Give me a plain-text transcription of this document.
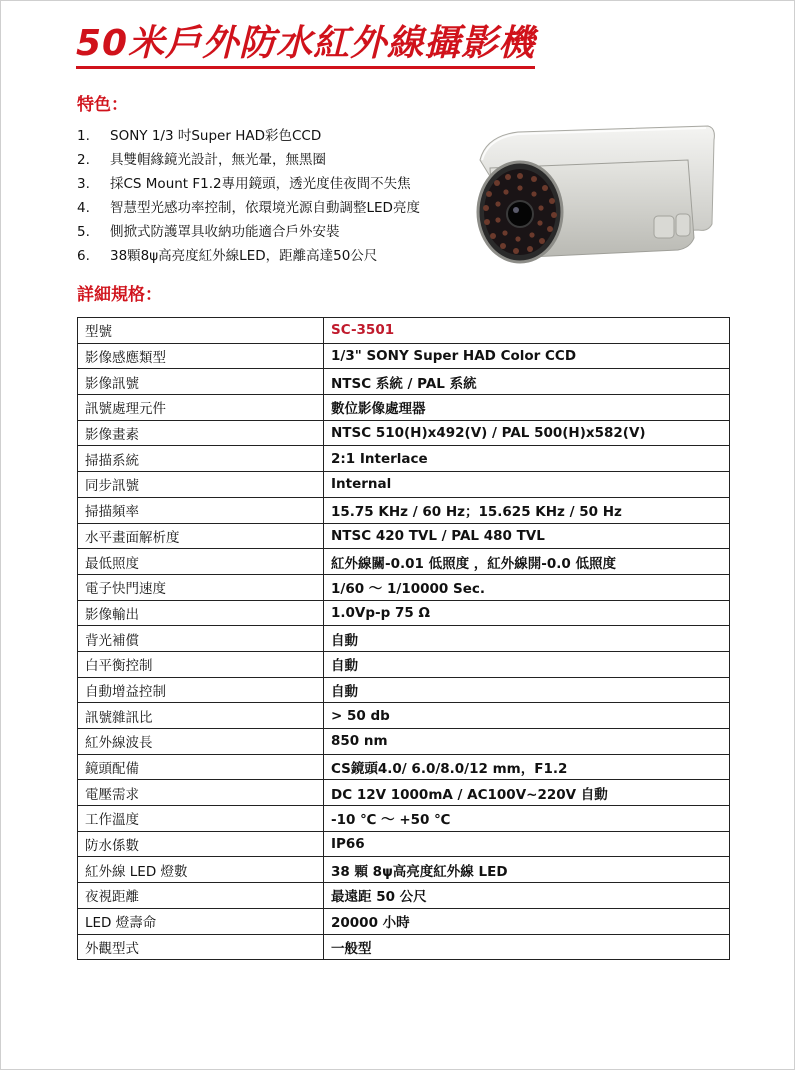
50米戶外防水紅外線攝影機
特色：
1.	SONY 1/3 吋Super HAD彩色CCD
2.	具雙帽緣鏡光設計，無光暈，無黑圈
3.	採CS Mount F1.2專用鏡頭，透光度佳夜間不失焦
4.	智慧型光感功率控制，依環境光源自動調整LED亮度
5.	側掀式防護罩具收納功能適合戶外安裝
6.	38顆8ψ高亮度紅外線LED，距離高達50公尺
詳細規格：
型號	SC-3501
影像感應類型	1/3" SONY Super HAD Color CCD
影像訊號	NTSC 系統 / PAL 系統
訊號處理元件	數位影像處理器
影像畫素	NTSC 510(H)x492(V) / PAL 500(H)x582(V)
掃描系統	2:1 Interlace
同步訊號	Internal
掃描頻率	15.75 KHz / 60 Hz；15.625 KHz / 50 Hz
水平畫面解析度	NTSC 420 TVL / PAL 480 TVL
最低照度	紅外線關-0.01 低照度 ，紅外線開-0.0 低照度
電子快門速度	1/60 ～ 1/10000 Sec.
影像輸出	1.0Vp-p 75 Ω
背光補償	自動
白平衡控制	自動
自動增益控制	自動
訊號雜訊比	> 50 db
紅外線波長	850 nm
鏡頭配備	CS鏡頭4.0/ 6.0/8.0/12 mm，F1.2
電壓需求	DC 12V 1000mA / AC100V~220V 自動
工作溫度	-10 ℃ ～ +50 ℃
防水係數	IP66
紅外線 LED 燈數	38 顆 8ψ高亮度紅外線 LED
夜視距離	最遠距 50 公尺
LED 燈壽命	20000 小時
外觀型式	一般型
